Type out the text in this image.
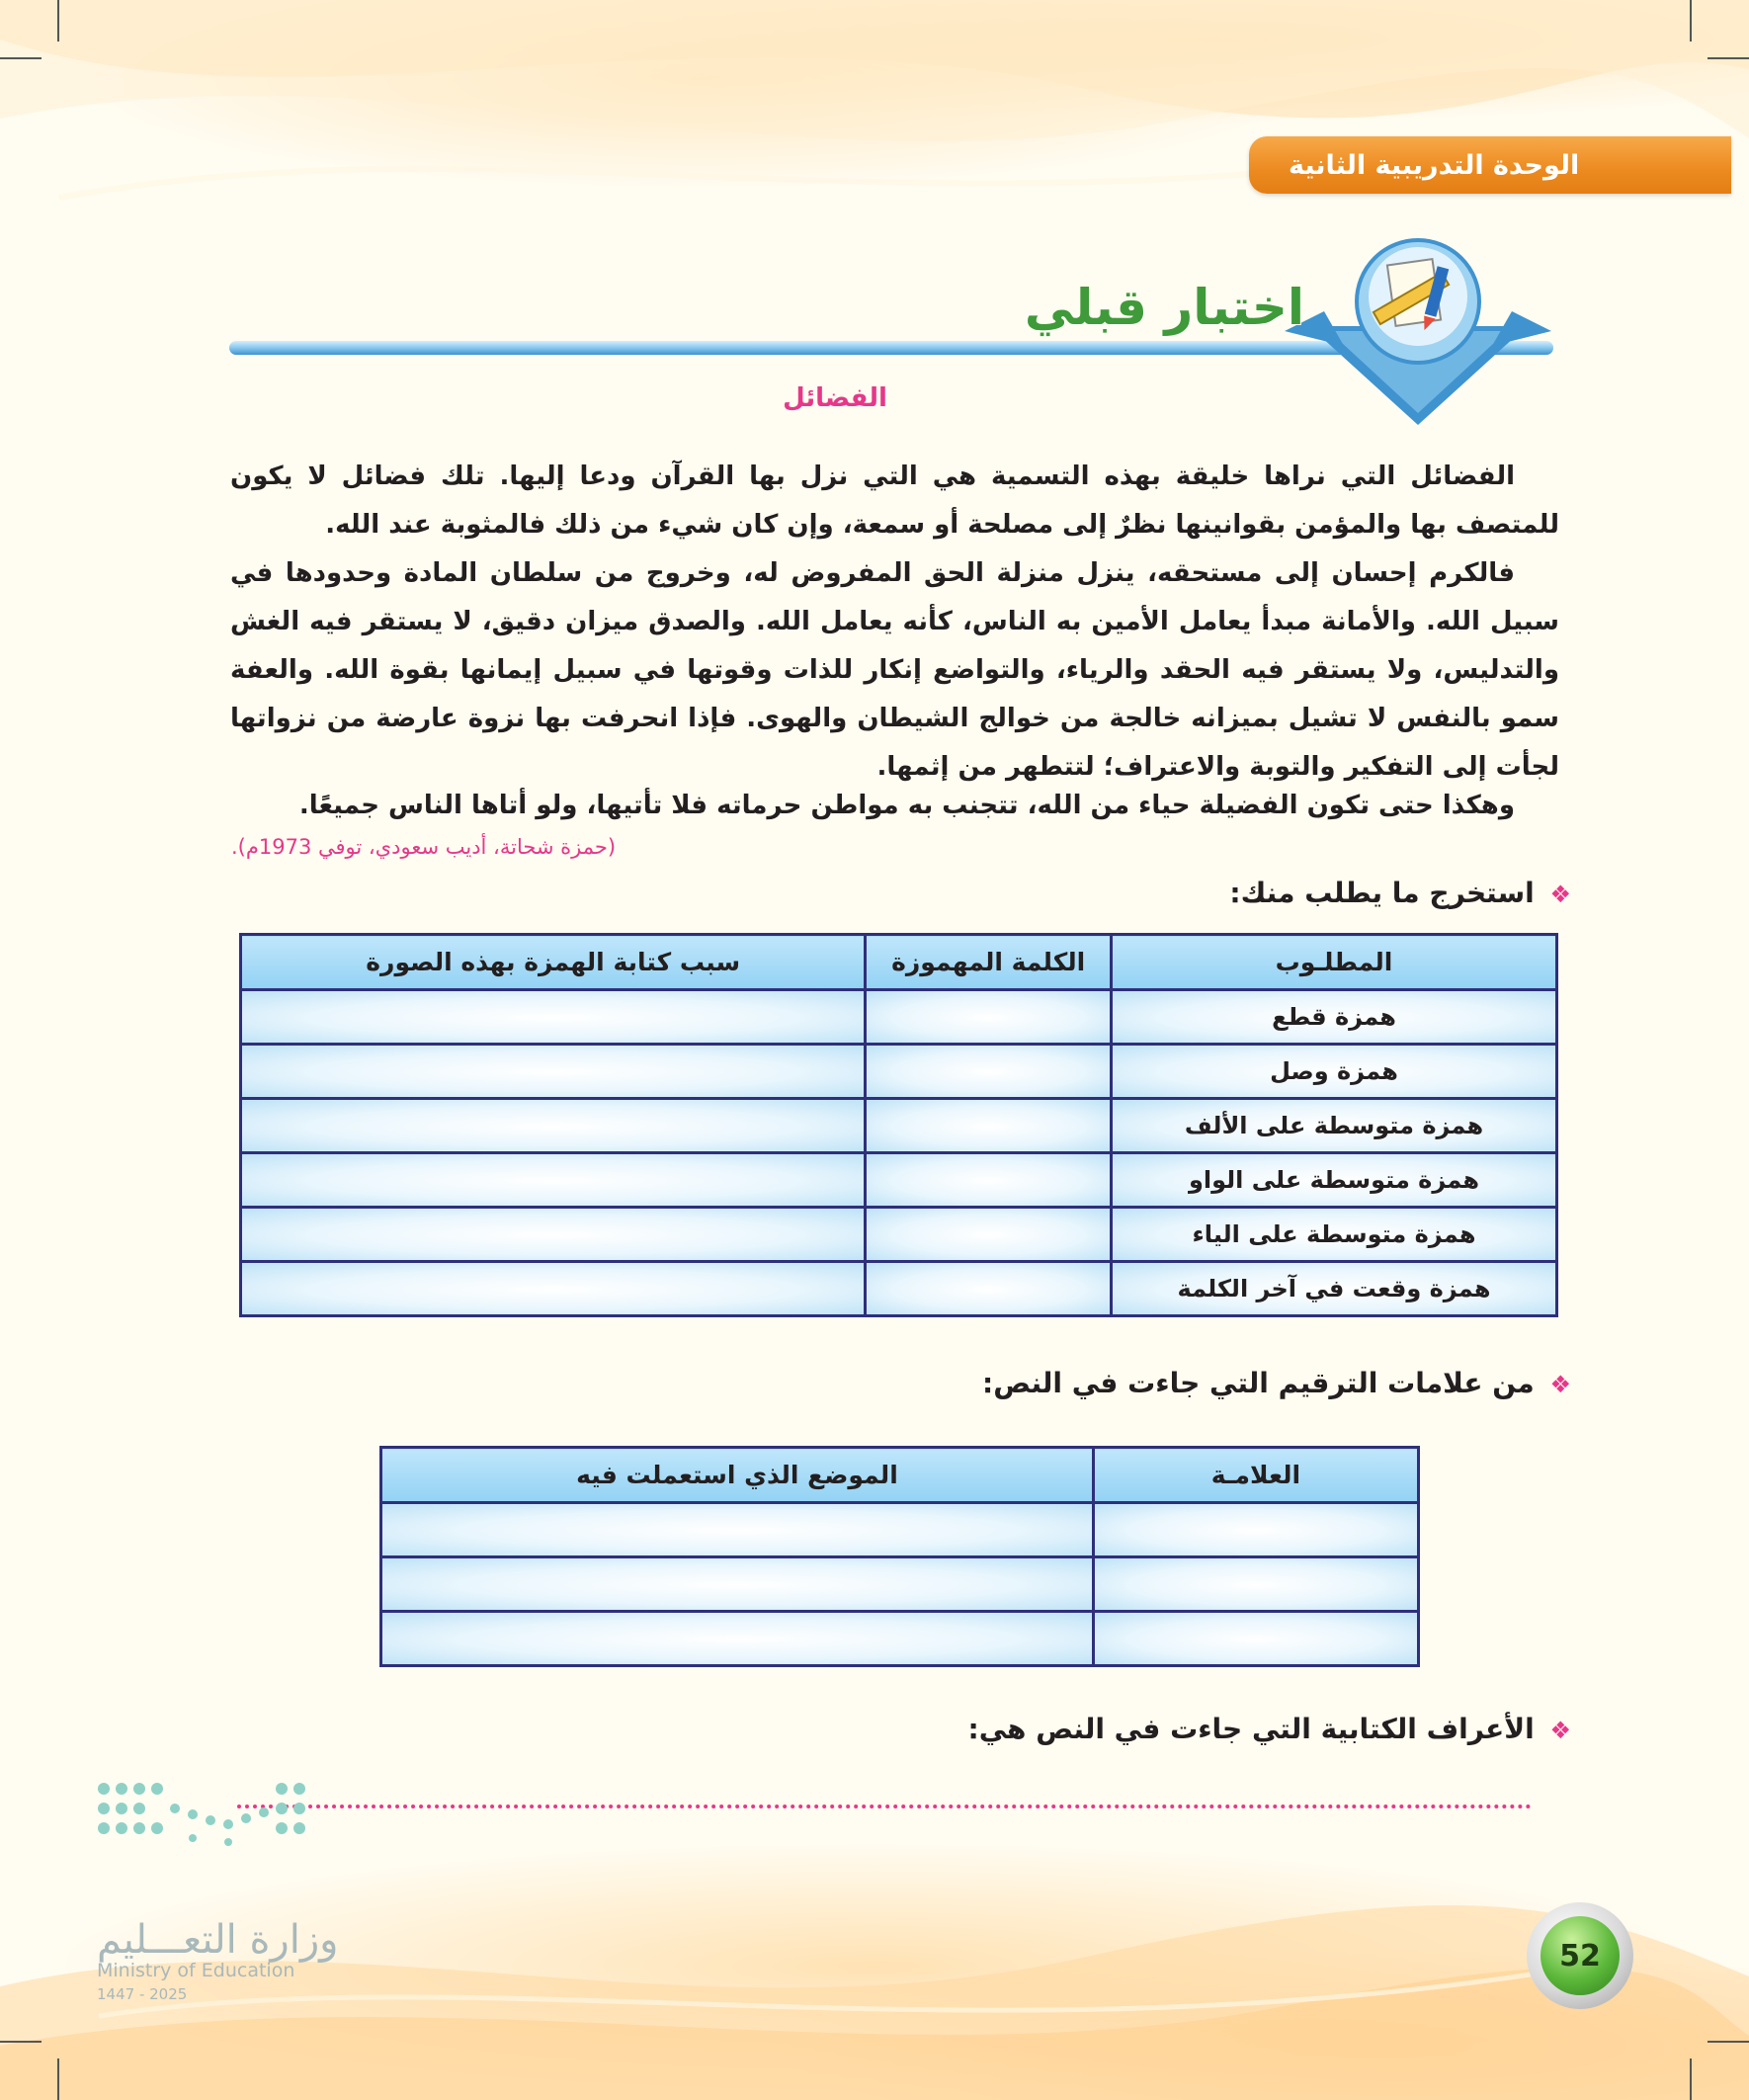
الوحدة التدريبية الثانية
اختبار قبلي
الفضائل

الفضائل التي نراها خليقة بهذه التسمية هي التي نزل بها القرآن ودعا إليها. تلك فضائل لا يكون للمتصف بها والمؤمن بقوانينها نظرٌ إلى مصلحة أو سمعة، وإن كان شيء من ذلك فالمثوبة عند الله.

فالكرم إحسان إلى مستحقه، ينزل منزلة الحق المفروض له، وخروج من سلطان المادة وحدودها في سبيل الله. والأمانة مبدأ يعامل الأمين به الناس، كأنه يعامل الله. والصدق ميزان دقيق، لا يستقر فيه الغش والتدليس، ولا يستقر فيه الحقد والرياء، والتواضع إنكار للذات وقوتها في سبيل إيمانها بقوة الله. والعفة سمو بالنفس لا تشيل بميزانه خالجة من خوالج الشيطان والهوى. فإذا انحرفت بها نزوة عارضة من نزواتها لجأت إلى التفكير والتوبة والاعتراف؛ لتتطهر من إثمها.

وهكذا حتى تكون الفضيلة حياء من الله، تتجنب به مواطن حرماته فلا تأتيها، ولو أتاها الناس جميعًا.

(حمزة شحاتة، أديب سعودي، توفي 1973م).
❖ استخرج ما يطلب منك:
المطلـوب	الكلمة المهموزة	سبب كتابة الهمزة بهذه الصورة
همزة قطع		
همزة وصل		
همزة متوسطة على الألف		
همزة متوسطة على الواو		
همزة متوسطة على الياء		
همزة وقعت في آخر الكلمة		
❖ من علامات الترقيم التي جاءت في النص:
العلامـة	الموضع الذي استعملت فيه

❖ الأعراف الكتابية التي جاءت في النص هي:
وزارة التعـــليم
Ministry of Education
2025 - 1447
52
